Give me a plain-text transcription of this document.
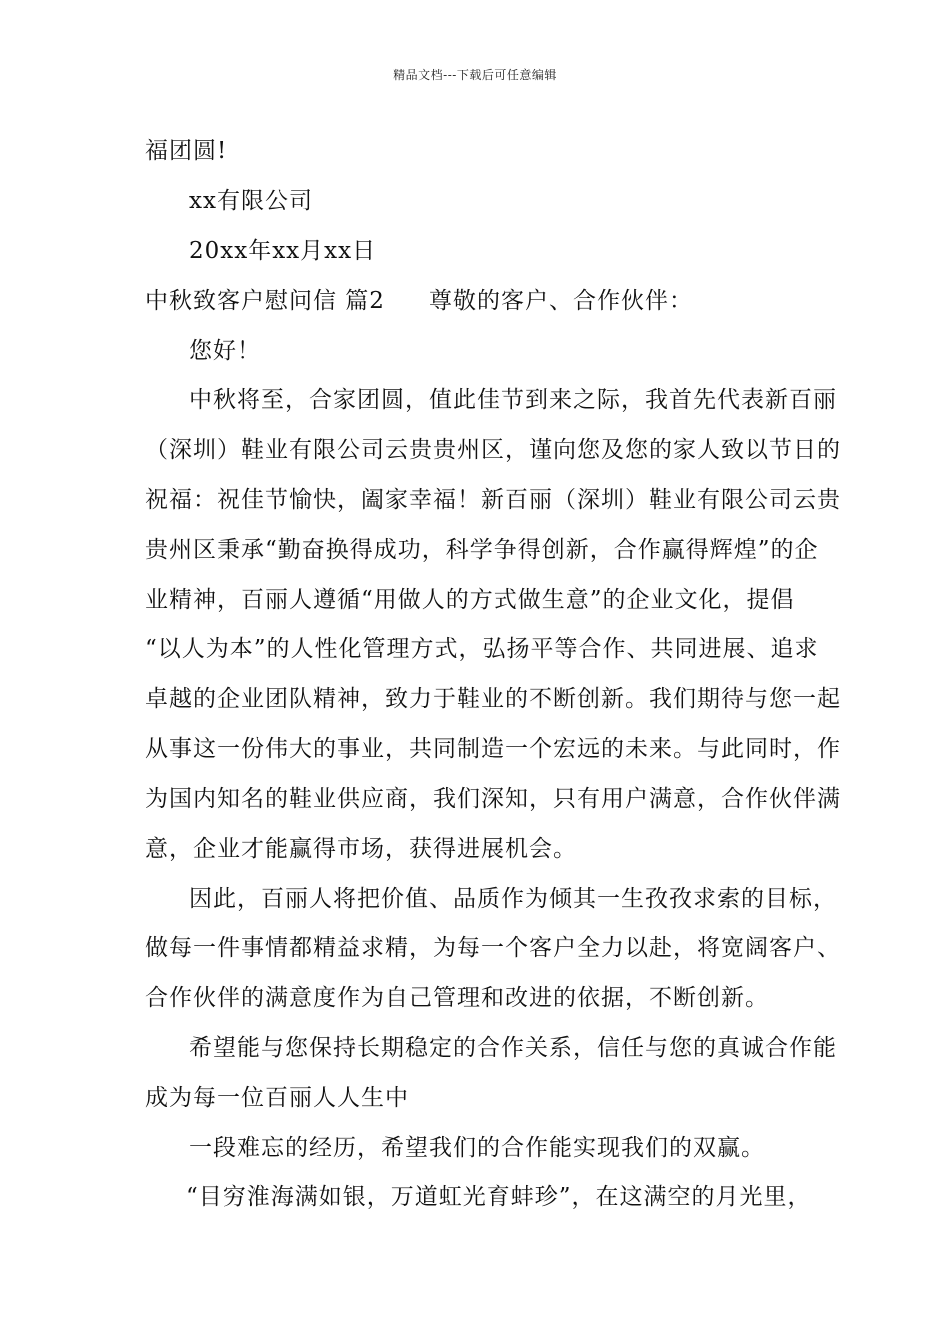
精品文档---下载后可任意编辑
福团圆!
xx有限公司
20xx年xx月xx日
中秋致客户慰问信 篇2 尊敬的客户、合作伙伴：
您好！
中秋将至，合家团圆，值此佳节到来之际，我首先代表新百丽
（深圳）鞋业有限公司云贵贵州区，谨向您及您的家人致以节日的
祝福：祝佳节愉快，阖家幸福！新百丽（深圳）鞋业有限公司云贵
贵州区秉承“勤奋换得成功，科学争得创新，合作赢得辉煌”的企
业精神，百丽人遵循“用做人的方式做生意”的企业文化，提倡
“以人为本”的人性化管理方式，弘扬平等合作、共同进展、追求
卓越的企业团队精神，致力于鞋业的不断创新。我们期待与您一起
从事这一份伟大的事业，共同制造一个宏远的未来。与此同时，作
为国内知名的鞋业供应商，我们深知，只有用户满意，合作伙伴满
意，企业才能赢得市场，获得进展机会。
因此，百丽人将把价值、品质作为倾其一生孜孜求索的目标，
做每一件事情都精益求精，为每一个客户全力以赴，将宽阔客户、
合作伙伴的满意度作为自己管理和改进的依据，不断创新。
希望能与您保持长期稳定的合作关系，信任与您的真诚合作能
成为每一位百丽人人生中
一段难忘的经历，希望我们的合作能实现我们的双赢。
“目穷淮海满如银，万道虹光育蚌珍”，在这满空的月光里，
